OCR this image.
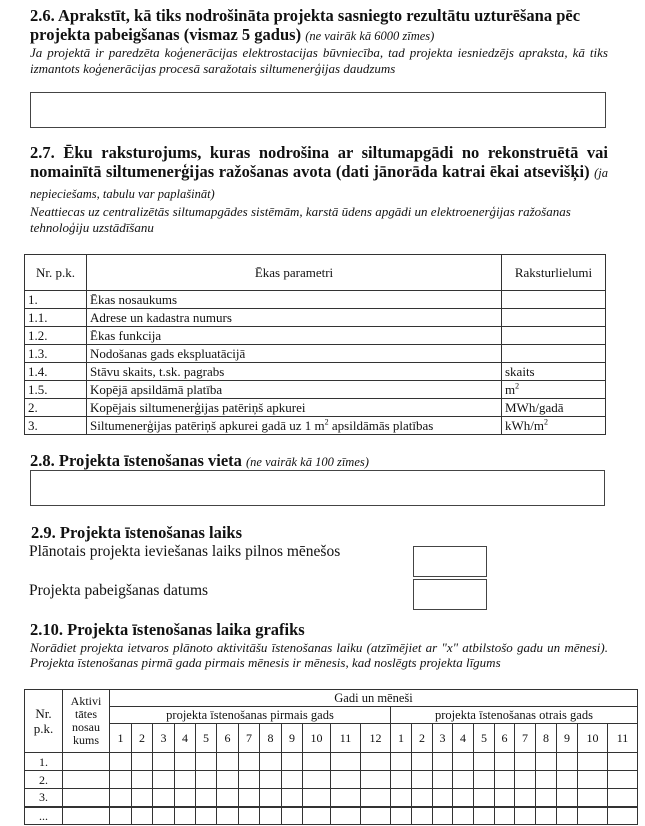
2.6. Aprakstīt, kā tiks nodrošināta projekta sasniegto rezultātu uzturēšana pēc projekta pabeigšanas (vismaz 5 gadus) (ne vairāk kā 6000 zīmes)
Ja projektā ir paredzēta koģenerācijas elektrostacijas būvniecība, tad projekta iesniedzējs apraksta, kā tiks izmantots koģenerācijas procesā saražotais siltumenerģijas daudzums
2.7. Ēku raksturojums, kuras nodrošina ar siltumapgādi no rekonstruētā vai nomainītā siltumenerģijas ražošanas avota (dati jānorāda katrai ēkai atsevišķi) (ja nepieciešams, tabulu var paplašināt)
Neattiecas uz centralizētās siltumapgādes sistēmām, karstā ūdens apgādi un elektroenerģijas ražošanas tehnoloģiju uzstādīšanu
Nr. p.k.	Ēkas parametri	Raksturlielumi
1.	Ēkas nosaukums	
1.1.	Adrese un kadastra numurs	
1.2.	Ēkas funkcija	
1.3.	Nodošanas gads ekspluatācijā	
1.4.	Stāvu skaits, t.sk. pagrabs	skaits
1.5.	Kopējā apsildāmā platība	$m^2$
2.	Kopējais siltumenerģijas patēriņš apkurei	MWh/gadā
3.	Siltumenerģijas patēriņš apkurei gadā uz 1 $m^2$ apsildāmās platības	kWh/$m^2$
2.8. Projekta īstenošanas vieta (ne vairāk kā 100 zīmes)
2.9. Projekta īstenošanas laiks
Plānotais projekta ieviešanas laiks pilnos mēnešos
Projekta pabeigšanas datums
2.10. Projekta īstenošanas laika grafiks
Norādiet projekta ietvaros plānoto aktivitāšu īstenošanas laiku (atzīmējiet ar "x" atbilstošo gadu un mēnesi). Projekta īstenošanas pirmā gada pirmais mēnesis ir mēnesis, kad noslēgts projekta līgums
Nr. p.k.	Aktivi tātes nosau kums	Gadi un mēneši																						
		projekta īstenošanas pirmais gads												projekta īstenošanas otrais gads										
		1	2	3	4	5	6	7	8	9	10	11	12	1	2	3	4	5	6	7	8	9	10	11
1.																								
2.																								
3.																								
...																								
